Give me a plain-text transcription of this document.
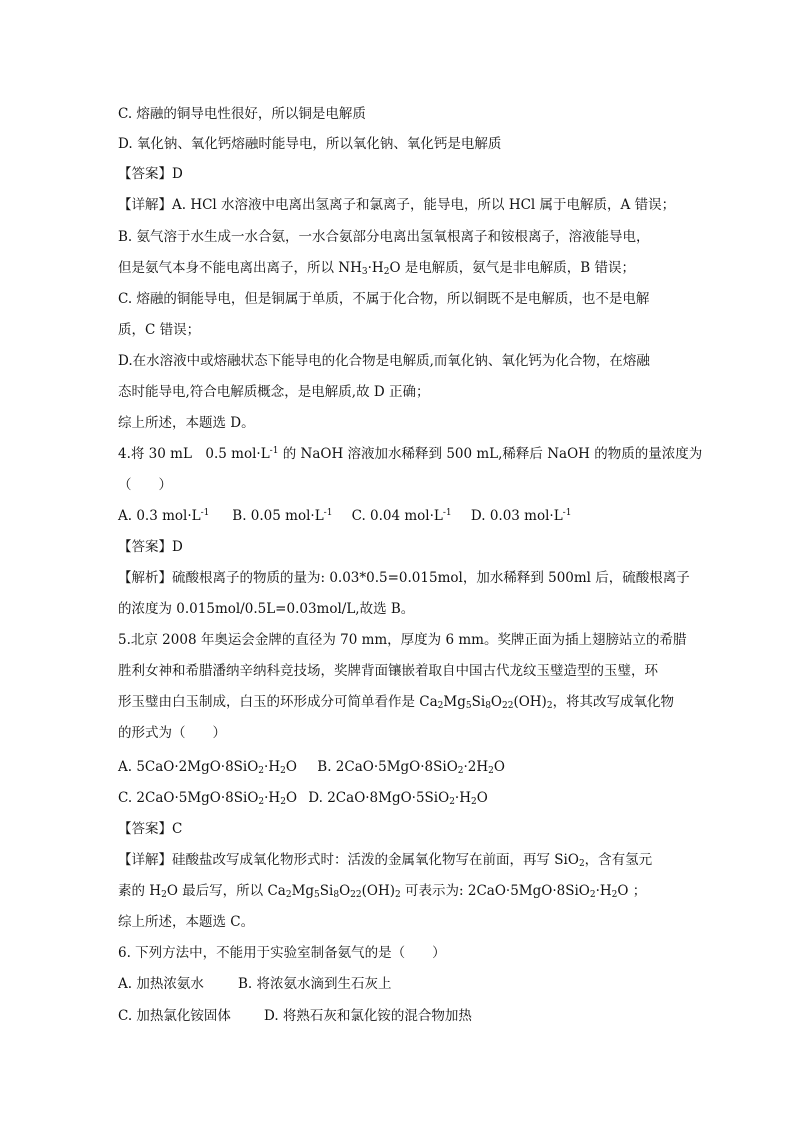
C. 熔融的铜导电性很好，所以铜是电解质
D. 氧化钠、氧化钙熔融时能导电，所以氧化钠、氧化钙是电解质
【答案】D
【详解】A. HCl 水溶液中电离出氢离子和氯离子，能导电，所以 HCl 属于电解质，A 错误；
B. 氨气溶于水生成一水合氨，一水合氨部分电离出氢氧根离子和铵根离子，溶液能导电，
但是氨气本身不能电离出离子，所以 $NH_3\cdot H_2O$ 是电解质，氨气是非电解质，B 错误；
C. 熔融的铜能导电，但是铜属于单质，不属于化合物，所以铜既不是电解质，也不是电解
质，C 错误；
D.在水溶液中或熔融状态下能导电的化合物是电解质,而氧化钠、氧化钙为化合物，在熔融
态时能导电,符合电解质概念，是电解质,故 D 正确；
综上所述，本题选 D。
4.将 30 mL　0.5 $mol\cdot L^{-1}$ 的 NaOH 溶液加水稀释到 500 mL,稀释后 NaOH 的物质的量浓度为
（　　）
A. 0.3 $mol\cdot L^{-1}$ B. 0.05 $mol\cdot L^{-1}$ C. 0.04 $mol\cdot L^{-1}$ D. 0.03 $mol\cdot L^{-1}$
【答案】D
【解析】硫酸根离子的物质的量为: 0.03*0.5=0.015mol，加水稀释到 500ml 后，硫酸根离子
的浓度为 0.015mol/0.5L=0.03mol/L,故选 B。
5.北京 2008 年奥运会金牌的直径为 70 mm，厚度为 6 mm。奖牌正面为插上翅膀站立的希腊
胜利女神和希腊潘纳辛纳科竞技场，奖牌背面镶嵌着取自中国古代龙纹玉璧造型的玉璧，环
形玉璧由白玉制成，白玉的环形成分可简单看作是 $Ca_2Mg_5Si_8O_{22}(OH)_2$，将其改写成氧化物
的形式为（　　）
A. $5CaO\cdot 2MgO\cdot 8SiO_2\cdot H_2O$ B. $2CaO\cdot 5MgO\cdot 8SiO_2\cdot 2H_2O$
C. $2CaO\cdot 5MgO\cdot 8SiO_2\cdot H_2O$ D. $2CaO\cdot 8MgO\cdot 5SiO_2\cdot H_2O$
【答案】C
【详解】硅酸盐改写成氧化物形式时：活泼的金属氧化物写在前面，再写 SiO$_2$，含有氢元
素的 $H_2O$ 最后写，所以 $Ca_2Mg_5Si_8O_{22}(OH)_2$ 可表示为: $2CaO\cdot 5MgO\cdot 8SiO_2\cdot H_2O$ ；
综上所述，本题选 C。
6. 下列方法中，不能用于实验室制备氨气的是（　　）
A. 加热浓氨水	B. 将浓氨水滴到生石灰上
C. 加热氯化铵固体 D. 将熟石灰和氯化铵的混合物加热
